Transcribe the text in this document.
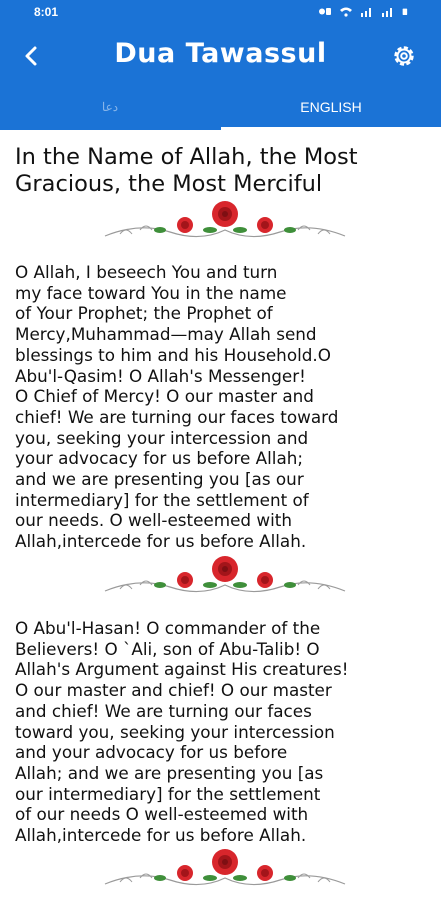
8:01
Dua Tawassul
دعا	ENGLISH
In the Name of Allah, the Most
Gracious, the Most Merciful
O Allah, I beseech You and turn
my face toward You in the name
of Your Prophet; the Prophet of
Mercy,Muhammad—may Allah send
blessings to him and his Household.O
Abu'l-Qasim! O Allah's Messenger!
O Chief of Mercy! O our master and
chief! We are turning our faces toward
you, seeking your intercession and
your advocacy for us before Allah;
and we are presenting you [as our
intermediary] for the settlement of
our needs. O well-esteemed with
Allah,intercede for us before Allah.
O Abu'l-Hasan! O commander of the
Believers! O `Ali, son of Abu-Talib! O
Allah's Argument against His creatures!
O our master and chief! O our master
and chief! We are turning our faces
toward you, seeking your intercession
and your advocacy for us before
Allah; and we are presenting you [as
our intermediary] for the settlement
of our needs O well-esteemed with
Allah,intercede for us before Allah.
